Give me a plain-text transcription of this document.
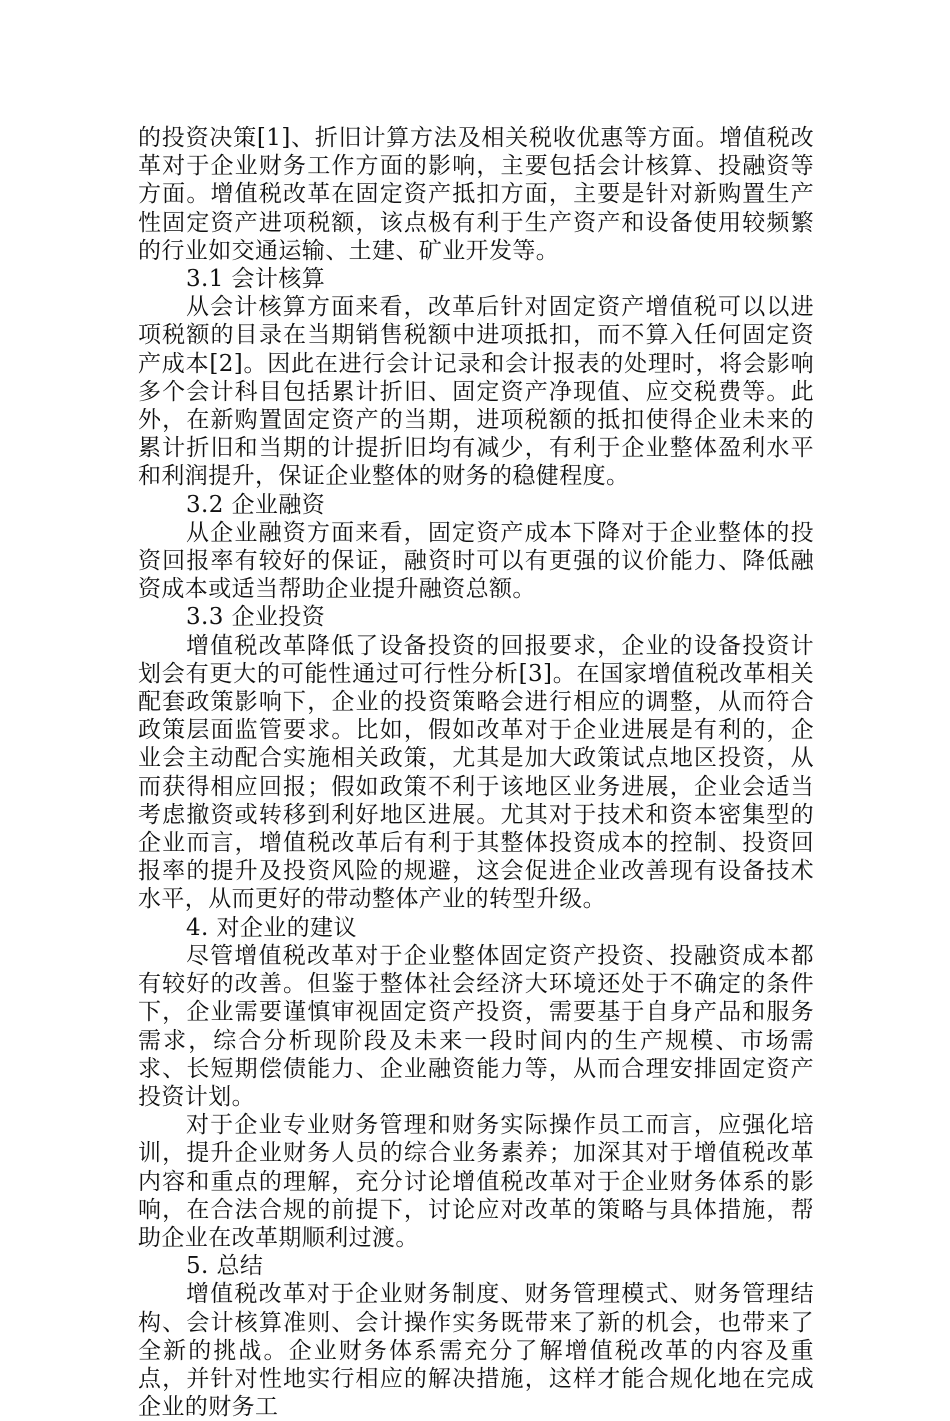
的投资决策[1]、折旧计算方法及相关税收优惠等方面。增值税改革对于企业财务工作方面的影响，主要包括会计核算、投融资等方面。增值税改革在固定资产抵扣方面，主要是针对新购置生产性固定资产进项税额，该点极有利于生产资产和设备使用较频繁的行业如交通运输、土建、矿业开发等。

3.1 会计核算

从会计核算方面来看，改革后针对固定资产增值税可以以进项税额的目录在当期销售税额中进项抵扣，而不算入任何固定资产成本[2]。因此在进行会计记录和会计报表的处理时，将会影响多个会计科目包括累计折旧、固定资产净现值、应交税费等。此外，在新购置固定资产的当期，进项税额的抵扣使得企业未来的累计折旧和当期的计提折旧均有减少，有利于企业整体盈利水平和利润提升，保证企业整体的财务的稳健程度。

3.2 企业融资

从企业融资方面来看，固定资产成本下降对于企业整体的投资回报率有较好的保证，融资时可以有更强的议价能力、降低融资成本或适当帮助企业提升融资总额。

3.3 企业投资

增值税改革降低了设备投资的回报要求，企业的设备投资计划会有更大的可能性通过可行性分析[3]。在国家增值税改革相关配套政策影响下，企业的投资策略会进行相应的调整，从而符合政策层面监管要求。比如，假如改革对于企业进展是有利的，企业会主动配合实施相关政策，尤其是加大政策试点地区投资，从而获得相应回报；假如政策不利于该地区业务进展，企业会适当考虑撤资或转移到利好地区进展。尤其对于技术和资本密集型的企业而言，增值税改革后有利于其整体投资成本的控制、投资回报率的提升及投资风险的规避，这会促进企业改善现有设备技术水平，从而更好的带动整体产业的转型升级。

4. 对企业的建议

尽管增值税改革对于企业整体固定资产投资、投融资成本都有较好的改善。但鉴于整体社会经济大环境还处于不确定的条件下，企业需要谨慎审视固定资产投资，需要基于自身产品和服务需求，综合分析现阶段及未来一段时间内的生产规模、市场需求、长短期偿债能力、企业融资能力等，从而合理安排固定资产投资计划。

对于企业专业财务管理和财务实际操作员工而言，应强化培训，提升企业财务人员的综合业务素养；加深其对于增值税改革内容和重点的理解，充分讨论增值税改革对于企业财务体系的影响，在合法合规的前提下，讨论应对改革的策略与具体措施，帮助企业在改革期顺利过渡。

5. 总结

增值税改革对于企业财务制度、财务管理模式、财务管理结构、会计核算准则、会计操作实务既带来了新的机会，也带来了全新的挑战。企业财务体系需充分了解增值税改革的内容及重点，并针对性地实行相应的解决措施，这样才能合规化地在完成企业的财务工
